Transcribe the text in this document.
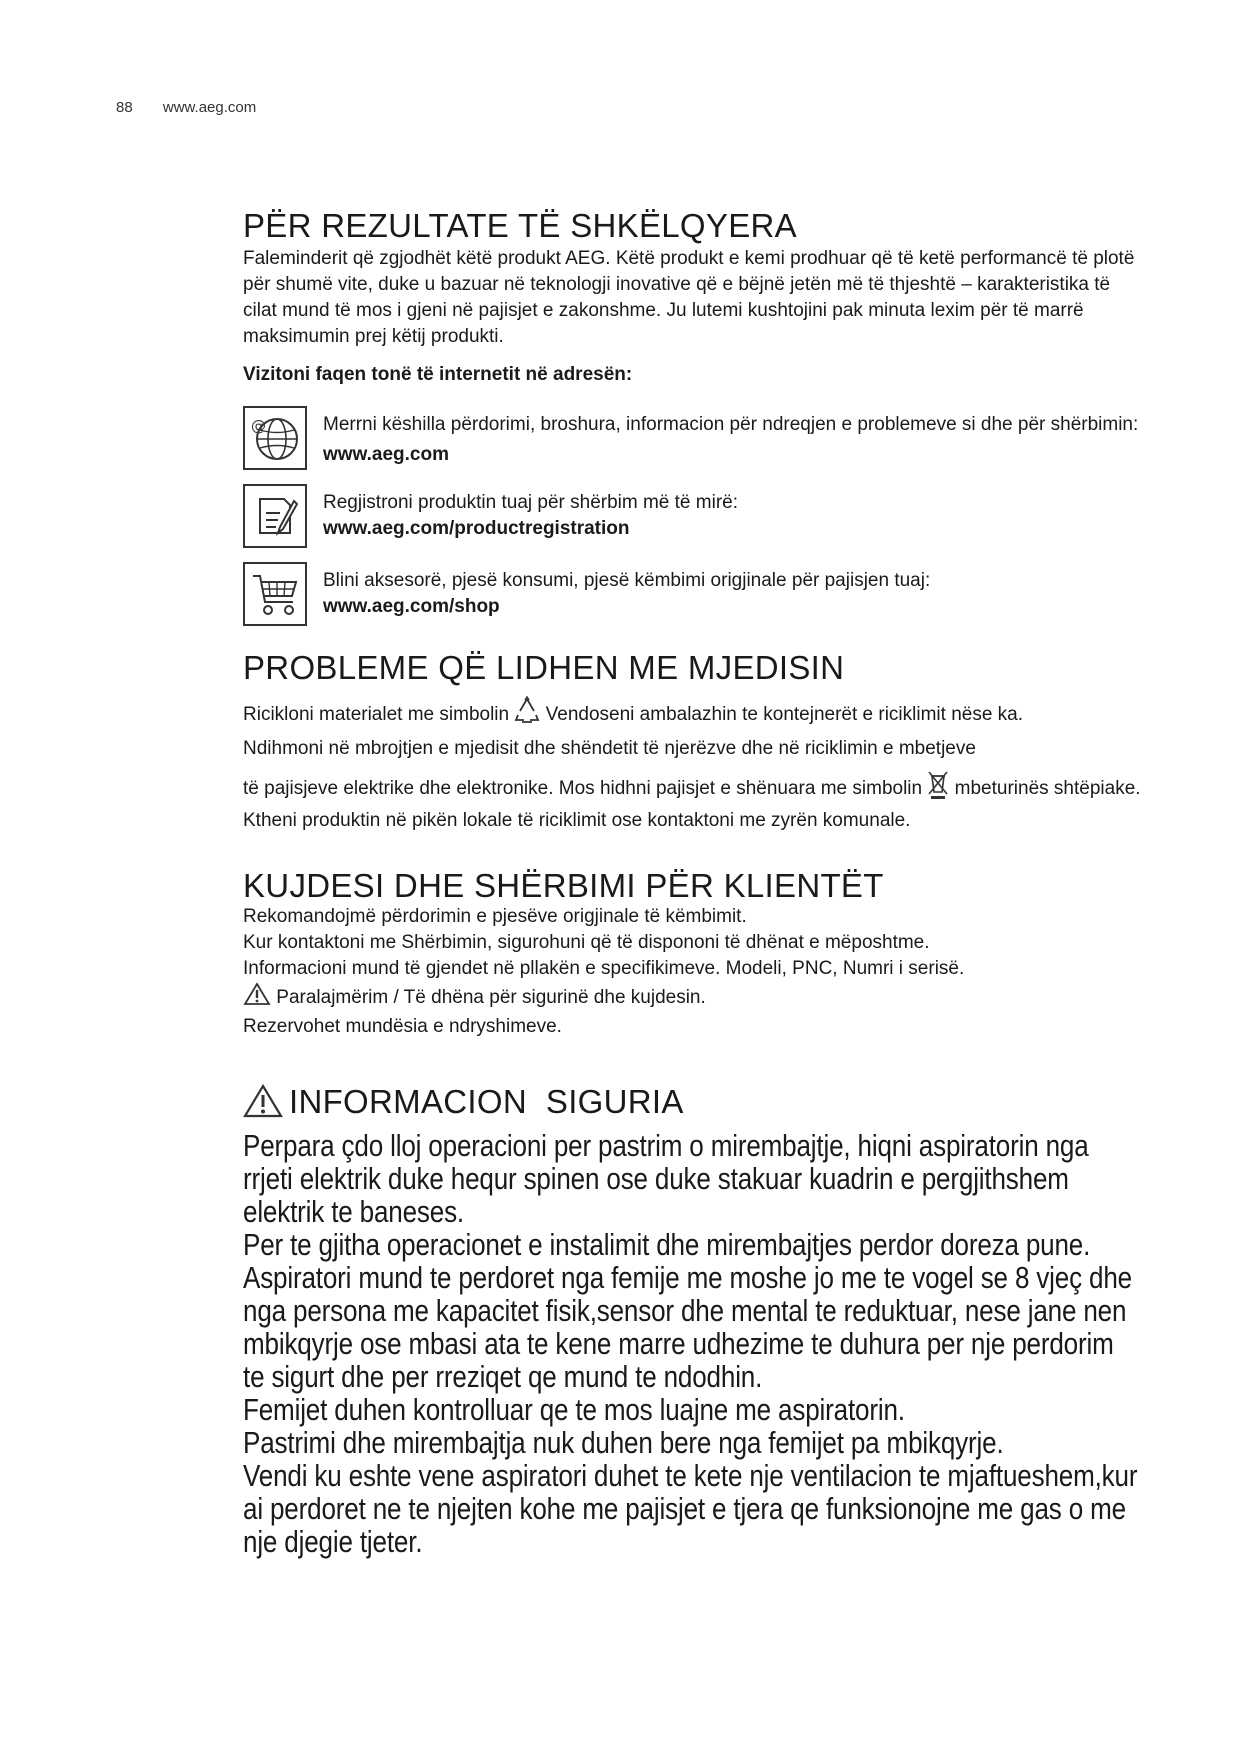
88 www.aeg.com
PËR REZULTATE TË SHKËLQYERA

Faleminderit që zgjodhët këtë produkt AEG. Këtë produkt e kemi prodhuar që të ketë performancë të plotë për shumë vite, duke u bazuar në teknologji inovative që e bëjnë jetën më të thjeshtë – karakteristika të cilat mund të mos i gjeni në pajisjet e zakonshme. Ju lutemi kushtojini pak minuta lexim për të marrë maksimumin prej këtij produkti.

Vizitoni faqen tonë të internetit në adresën:

@	Merrni këshilla përdorimi, broshura, informacion për ndreqjen e problemeve si dhe për shërbimin:

www.aeg.com

Regjistroni produktin tuaj për shërbim më të mirë:

www.aeg.com/productregistration

Blini aksesorë, pjesë konsumi, pjesë këmbimi origjinale për pajisjen tuaj:

www.aeg.com/shop

PROBLEME QË LIDHEN ME MJEDISIN

Riciklоni materialet me simbolin Vendoseni ambalazhin te kontejnerët e riciklimit nëse ka.

Ndihmoni në mbrojtjen e mjedisit dhe shëndetit të njerëzve dhe në riciklimin e mbetjeve

të pajisjeve elektrike dhe elektronike. Mos hidhni pajisjet e shënuara me simbolin mbeturinës shtëpiake. Ktheni produktin në pikën lokale të riciklimit ose kontaktoni me zyrën komunale.

KUJDESI DHE SHËRBIMI PËR KLIENTËT

Rekomandojmë përdorimin e pjesëve origjinale të këmbimit.

Kur kontaktoni me Shërbimin, sigurohuni që të dispononi të dhënat e mëposhtme.

Informacioni mund të gjendet në pllakën e specifikimeve. Modeli, PNC, Numri i serisë.

Paralajmërim / Të dhëna për sigurinë dhe kujdesin.

Rezervohet mundësia e ndryshimeve.

INFORMACION  SIGURIA

Perpara çdo lloj operacioni per pastrim o mirembajtje, hiqni aspiratorin nga rrjeti elektrik duke hequr spinen ose duke stakuar kuadrin e pergjithshem elektrik te baneses.

Per te gjitha operacionet e instalimit dhe mirembajtjes perdor doreza pune.

Aspiratori mund te perdoret nga femije me moshe jo me te vogel se 8 vjeç dhe nga persona me kapacitet fisik,sensor dhe mental te reduktuar, nese jane nen mbikqyrje ose mbasi ata te kene marre udhezime te duhura per nje perdorim te sigurt dhe per rreziqet qe mund te ndodhin.

Femijet duhen kontrolluar qe te mos luajne me aspiratorin.

Pastrimi dhe mirembajtja nuk duhen bere nga femijet pa mbikqyrje.

Vendi ku eshte vene aspiratori duhet te kete nje ventilacion te mjaftueshem,kur ai perdoret ne te njejten kohe me pajisjet e tjera qe funksionojne me gas o me nje djegie tjeter.
